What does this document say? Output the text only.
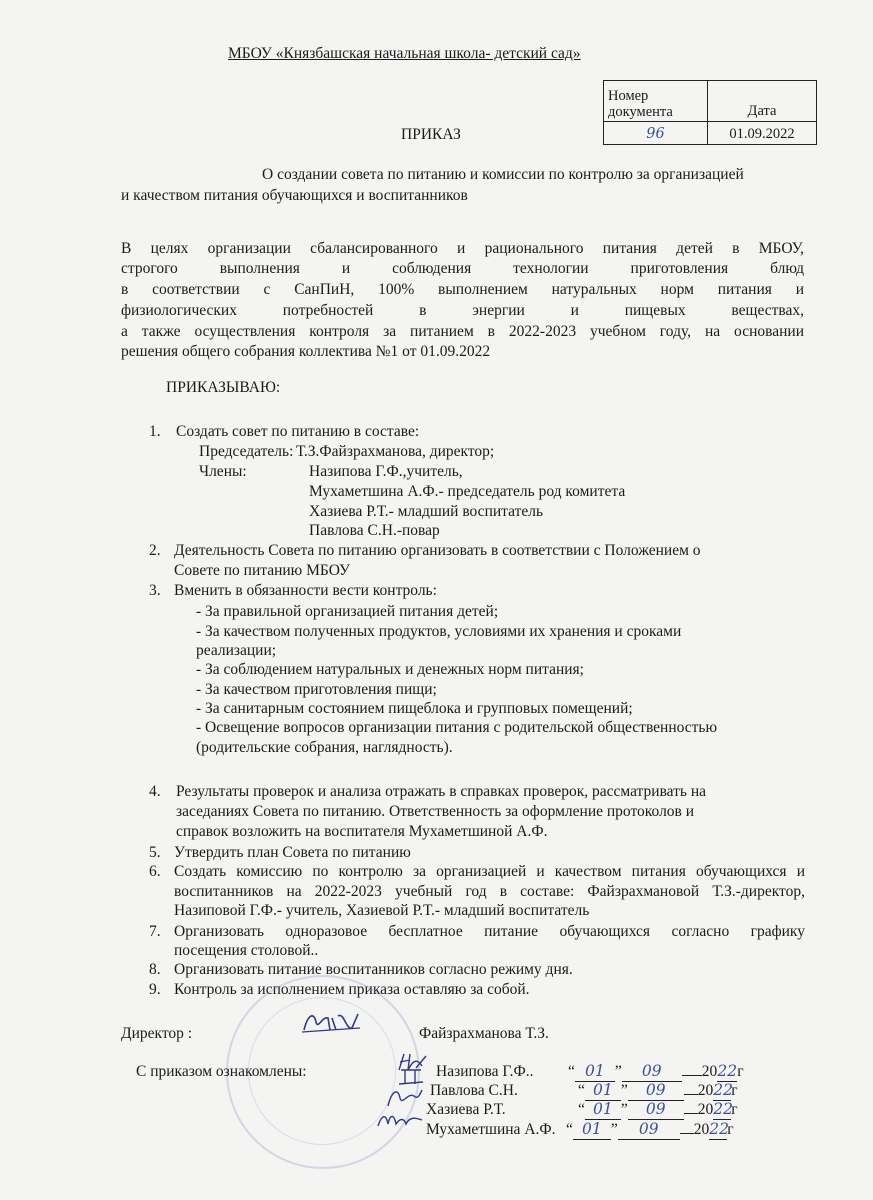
МБОУ «Князбашская начальная школа- детский сад»
Номер документа	Дата
96	01.09.2022
ПРИКАЗ
О создании совета по питанию и комиссии по контролю за организацией
и качеством питания обучающихся и воспитанников
В целях организации сбалансированного и рационального питания детей в МБОУ,
строгого выполнения и соблюдения технологии приготовления блюд
в соответствии с СанПиН, 100% выполнением натуральных норм питания и
физиологических потребностей в энергии и пищевых веществах,
а также осуществления контроля за питанием в 2022-2023 учебном году, на основании
решения общего собрания коллектива №1 от 01.09.2022
ПРИКАЗЫВАЮ:
1. Создать совет по питанию в составе:
Председатель: Т.З.Файзрахманова, директор;
Члены:	Назипова Г.Ф.,учитель,
Мухаметшина А.Ф.- председатель род комитета
Хазиева Р.Т.- младший воспитатель
Павлова С.Н.-повар
2. Деятельность Совета по питанию организовать в соответствии с Положением о
Совете по питанию МБОУ
3. Вменить в обязанности вести контроль:
- За правильной организацией питания детей;
- За качеством полученных продуктов, условиями их хранения и сроками
реализации;
- За соблюдением натуральных и денежных норм питания;
- За качеством приготовления пищи;
- За санитарным состоянием пищеблока и групповых помещений;
- Освещение вопросов организации питания с родительской общественностью
(родительские собрания, наглядность).
4. Результаты проверок и анализа отражать в справках проверок, рассматривать на
заседаниях Совета по питанию. Ответственность за оформление протоколов и
справок возложить на воспитателя Мухаметшиной А.Ф.
5. Утвердить план Совета по питанию
6. Создать комиссию по контролю за организацией и качеством питания обучающихся и
воспитанников на 2022-2023 учебный год в составе: Файзрахмановой Т.З.-директор,
Назиповой Г.Ф.- учитель, Хазиевой Р.Т.- младший воспитатель
7. Организовать одноразовое бесплатное питание обучающихся согласно графику
посещения столовой..
8. Организовать питание воспитанников согласно режиму дня.
9. Контроль за исполнением приказа оставляю за собой.
Директор :	Файзрахманова Т.З.
С приказом ознакомлены:	Назипова Г.Ф.. “ 01 ” 09	2022г
Павлова С.Н.	“ 01 ” 09 2022г
Хазиева Р.Т.	“ 01 ” 09 2022г
Мухаметшина А.Ф. “ 01 ” 09 2022г
